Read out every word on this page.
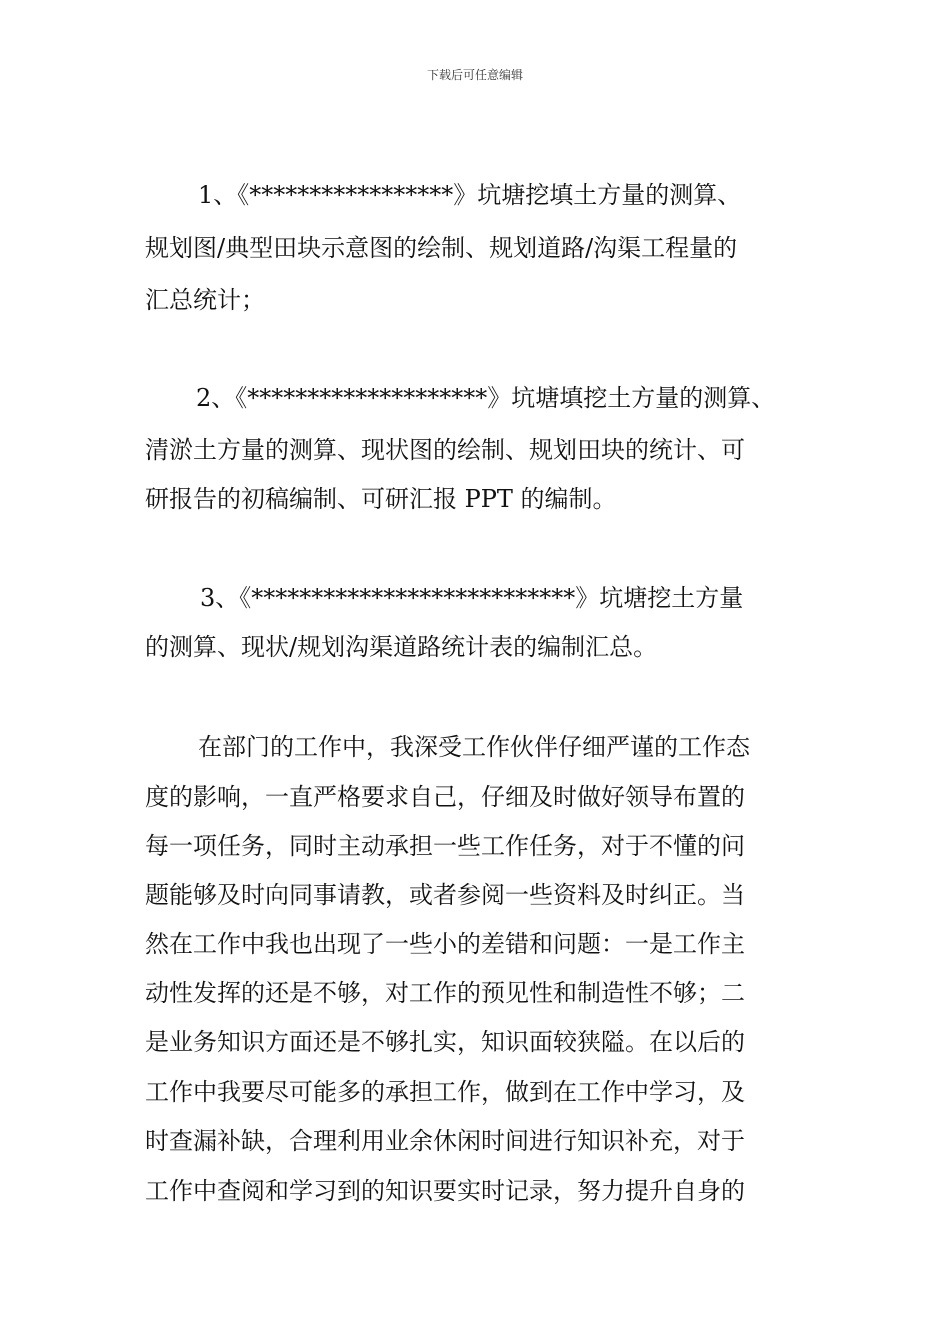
下载后可任意编辑
1、《*****************》坑塘挖填土方量的测算、
规划图/典型田块示意图的绘制、规划道路/沟渠工程量的
汇总统计；
2、《********************》坑塘填挖土方量的测算、
清淤土方量的测算、现状图的绘制、规划田块的统计、可
研报告的初稿编制、可研汇报 PPT 的编制。
3、《***************************》坑塘挖土方量
的测算、现状/规划沟渠道路统计表的编制汇总。
在部门的工作中，我深受工作伙伴仔细严谨的工作态
度的影响，一直严格要求自己，仔细及时做好领导布置的
每一项任务，同时主动承担一些工作任务，对于不懂的问
题能够及时向同事请教，或者参阅一些资料及时纠正。当
然在工作中我也出现了一些小的差错和问题：一是工作主
动性发挥的还是不够，对工作的预见性和制造性不够；二
是业务知识方面还是不够扎实，知识面较狭隘。在以后的
工作中我要尽可能多的承担工作，做到在工作中学习，及
时查漏补缺，合理利用业余休闲时间进行知识补充，对于
工作中查阅和学习到的知识要实时记录，努力提升自身的
